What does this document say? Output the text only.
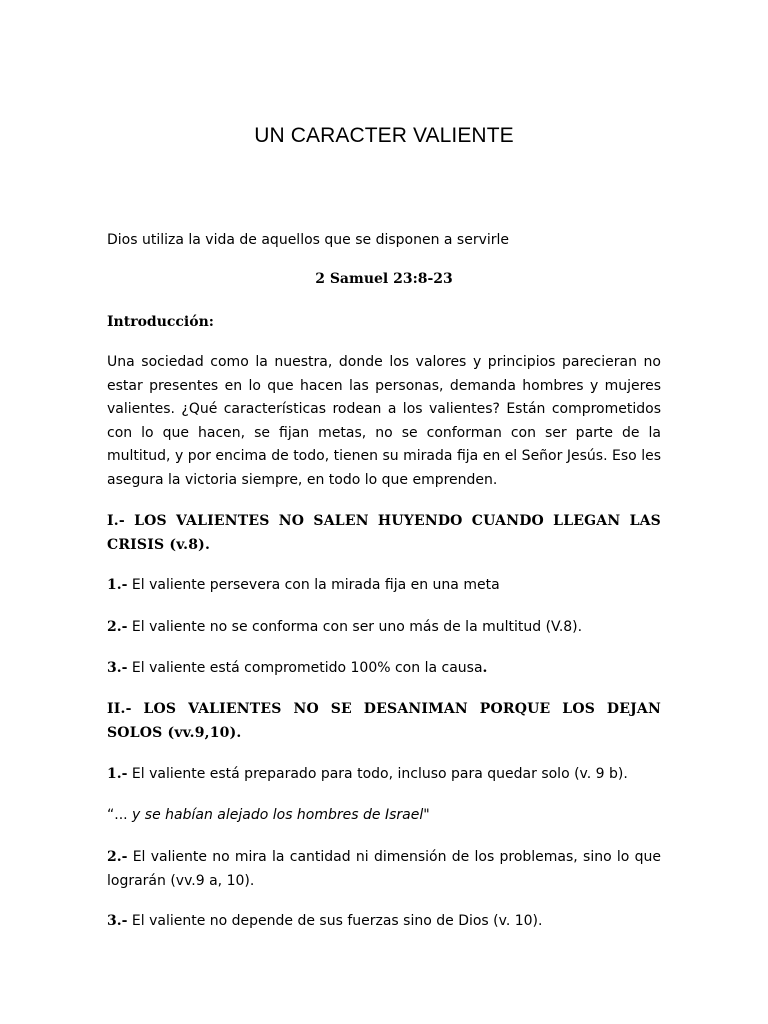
UN CARACTER VALIENTE

Dios utiliza la vida de aquellos que se disponen a servirle

2 Samuel 23:8-23

Introducción:

Una sociedad como la nuestra, donde los valores y principios parecieran no estar presentes en lo que hacen las personas, demanda hombres y mujeres valientes. ¿Qué características rodean a los valientes? Están comprometidos con lo que hacen, se fijan metas, no se conforman con ser parte de la multitud, y por encima de todo, tienen su mirada fija en el Señor Jesús. Eso les asegura la victoria siempre, en todo lo que emprenden.

I.- LOS VALIENTES NO SALEN HUYENDO CUANDO LLEGAN LAS CRISIS (v.8).

1.- El valiente persevera con la mirada fija en una meta

2.- El valiente no se conforma con ser uno más de la multitud (V.8).

3.- El valiente está comprometido 100% con la causa.

II.- LOS VALIENTES NO SE DESANIMAN PORQUE LOS DEJAN SOLOS (vv.9,10).

1.- El valiente está preparado para todo, incluso para quedar solo (v. 9 b).

“... y se habían alejado los hombres de Israel"

2.- El valiente no mira la cantidad ni dimensión de los problemas, sino lo que lograrán (vv.9 a, 10).

3.- El valiente no depende de sus fuerzas sino de Dios (v. 10).
